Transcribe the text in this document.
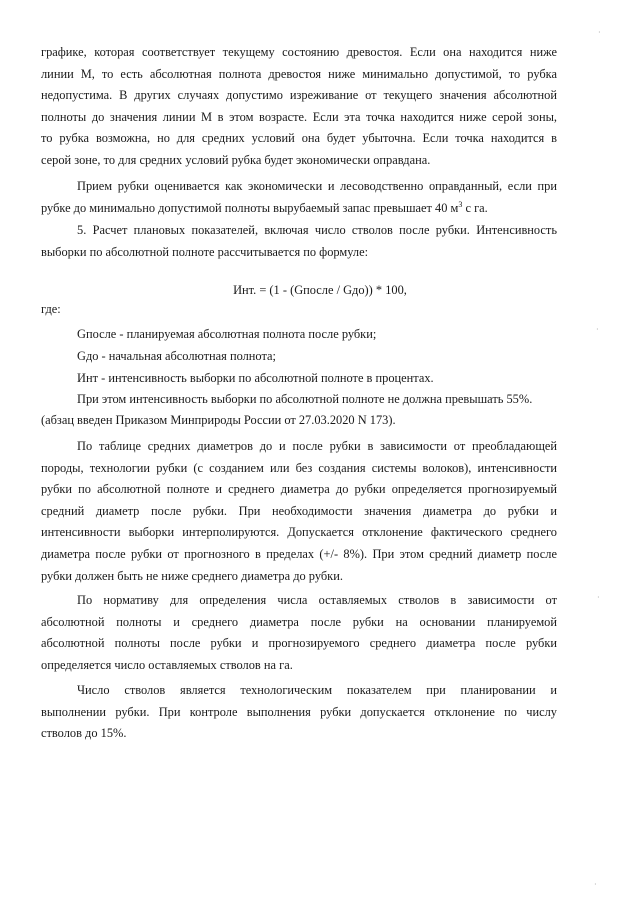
графике, которая соответствует текущему состоянию древостоя. Если она находится ниже
линии М, то есть абсолютная полнота древостоя ниже минимально допустимой, то рубка
недопустима. В других случаях допустимо изреживание от текущего значения абсолютной
полноты до значения линии М в этом возрасте. Если эта точка находится ниже серой зоны,
то рубка возможна, но для средних условий она будет убыточна. Если точка находится в
серой зоне, то для средних условий рубка будет экономически оправдана.
Прием рубки оценивается как экономически и лесоводственно оправданный, если при
рубке до минимально допустимой полноты вырубаемый запас превышает 40 $м^3$ с га.
5. Расчет плановых показателей, включая число стволов после рубки. Интенсивность
выборки по абсолютной полноте рассчитывается по формуле:
Инт. = (1 - (Gпосле / Gдо)) * 100,
где:
Gпосле - планируемая абсолютная полнота после рубки;
Gдо - начальная абсолютная полнота;
Инт - интенсивность выборки по абсолютной полноте в процентах.
При этом интенсивность выборки по абсолютной полноте не должна превышать 55%.
(абзац введен Приказом Минприроды России от 27.03.2020 N 173).
По таблице средних диаметров до и после рубки в зависимости от преобладающей
породы, технологии рубки (с созданием или без создания системы волоков), интенсивности
рубки по абсолютной полноте и среднего диаметра до рубки определяется прогнозируемый
средний диаметр после рубки. При необходимости значения диаметра до рубки и
интенсивности выборки интерполируются. Допускается отклонение фактического среднего
диаметра после рубки от прогнозного в пределах (+/- 8%). При этом средний диаметр после
рубки должен быть не ниже среднего диаметра до рубки.
По нормативу для определения числа оставляемых стволов в зависимости от
абсолютной полноты и среднего диаметра после рубки на основании планируемой
абсолютной полноты после рубки и прогнозируемого среднего диаметра после рубки
определяется число оставляемых стволов на га.
Число стволов является технологическим показателем при планировании и
выполнении рубки. При контроле выполнения рубки допускается отклонение по числу
стволов до 15%.
·
·
·
·
